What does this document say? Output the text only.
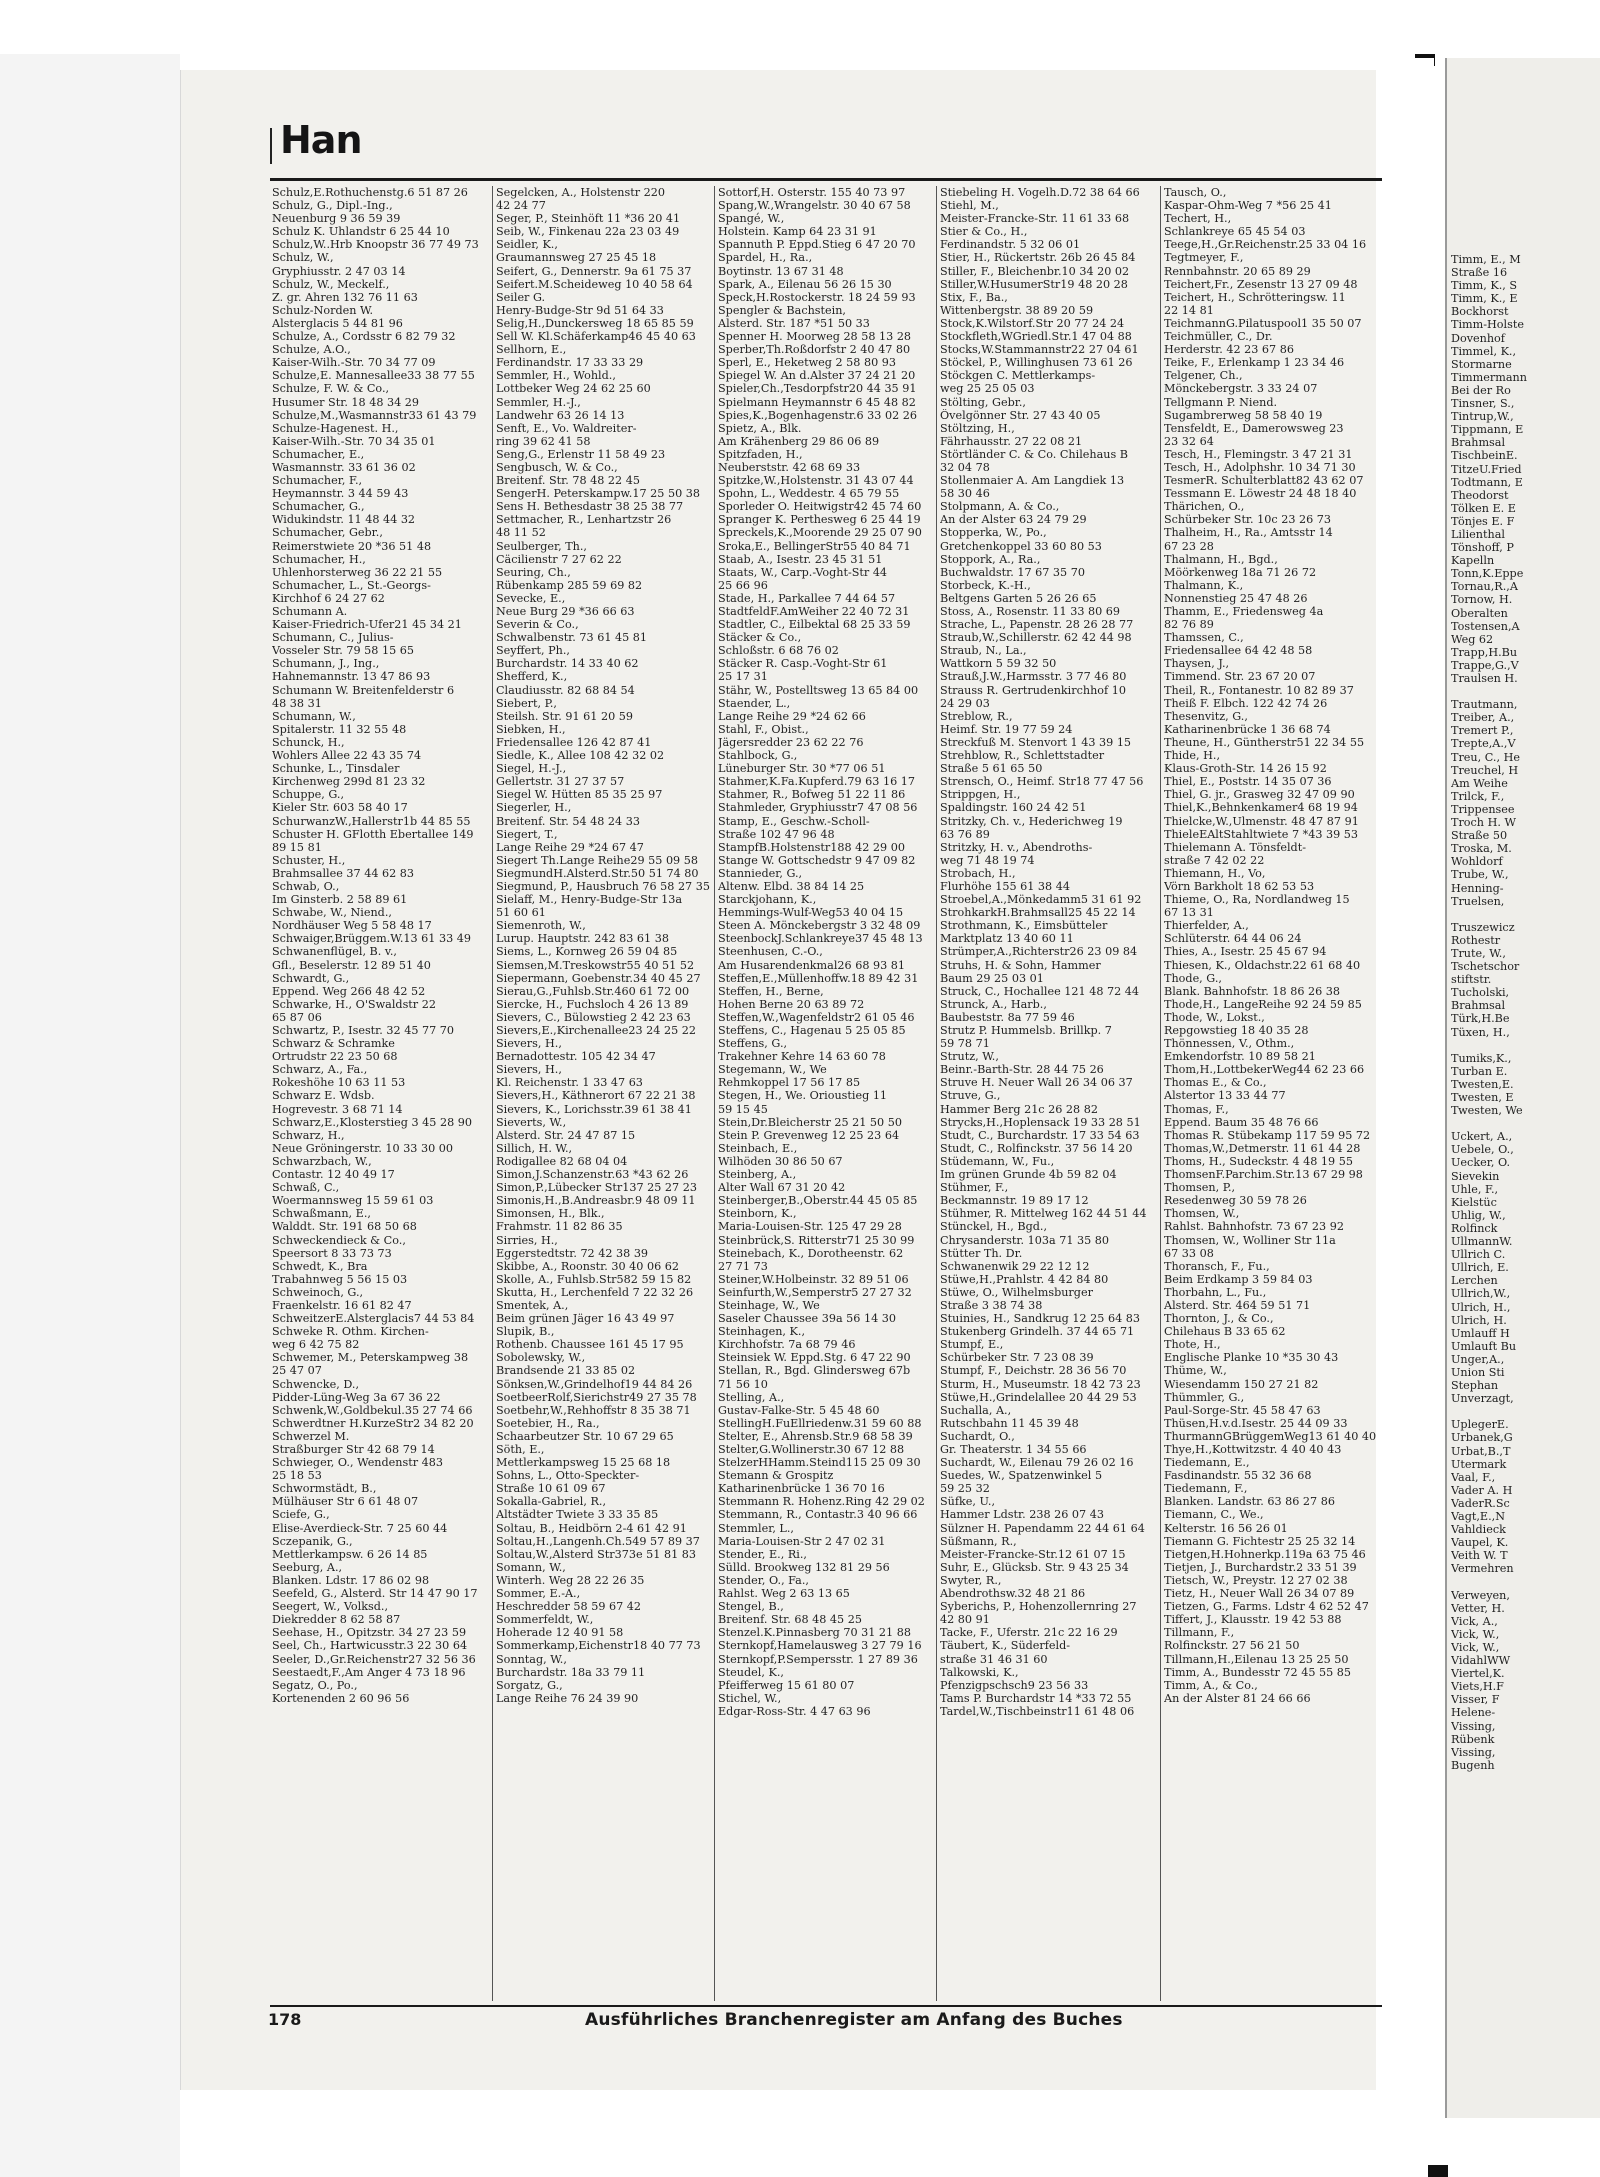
Timm, E., M
Straße 16
Timm, K., S
Timm, K., E
Bockhorst
Timm-Holste
Dovenhof
Timmel, K.,
Stormarne
Timmermann
Bei der Ro
Tinsner, S.,
Tintrup,W.,
Tippmann, E
Brahmsal
TischbeinE.
TitzeU.Fried
Todtmann, E
Theodorst
Tölken E. E
Tönjes E. F
Lilienthal
Tönshoff, P
Kapelln
Tonn,K.Eppe
Tornau,R.,A
Tornow, H.
Oberalten
Tostensen,A
Weg 62
Trapp,H.Bu
Trappe,G.,V
Traulsen H.

Trautmann,
Treiber, A.,
Tremert P.,
Trepte,A.,V
Treu, C., He
Treuchel, H
Am Weihe
Trilck, F.,
Trippensee
Troch H. W
Straße 50
Troska, M.
Wohldorf
Trube, W.,
Henning-
Truelsen,

Truszewicz
Rothestr
Trute, W.,
Tschetschor
stiftstr.
Tucholski,
Brahmsal
Türk,H.Be
Tüxen, H.,

Tumiks,K.,
Turban E.
Twesten,E.
Twesten, E
Twesten, We

Uckert, A.,
Uebele, O.,
Uecker, O.
Sievekin
Uhle, F.,
Kielstüc
Uhlig, W.,
Rolfinck
UllmannW.
Ullrich C.
Ullrich, E.
Lerchen
Ullrich,W.,
Ulrich, H.,
Ulrich, H.
Umlauff H
Umlauft Bu
Unger,A.,
Union Sti
Stephan
Unverzagt,

UplegerE.
Urbanek,G
Urbat,B.,T
Utermark
Vaal, F.,
Vader A. H
VaderR.Sc
Vagt,E.,N
Vahldieck
Vaupel, K.
Veith W. T
Vermehren

Verweyen,
Vetter, H.
Vick, A.,
Vick, W.,
Vick, W.,
VidahlWW
Viertel,K.
Viets,H.F
Visser, F
Helene-
Vissing,
Rübenk
Vissing,
Bugenh
Han
Schulz,E.Rothuchenstg.6 51 87 26
Schulz, G., Dipl.-Ing.,
Neuenburg 9 36 59 39
Schulz K. Uhlandstr 6 25 44 10
Schulz,W..Hrb Knoopstr 36 77 49 73
Schulz, W.,
Gryphiusstr. 2 47 03 14
Schulz, W., Meckelf.,
Z. gr. Ahren 132 76 11 63
Schulz-Norden W.
Alsterglacis 5 44 81 96
Schulze, A., Cordsstr 6 82 79 32
Schulze, A.O.,
Kaiser-Wilh.-Str. 70 34 77 09
Schulze,E. Mannesallee33 38 77 55
Schulze, F. W. & Co.,
Husumer Str. 18 48 34 29
Schulze,M.,Wasmannstr33 61 43 79
Schulze-Hagenest. H.,
Kaiser-Wilh.-Str. 70 34 35 01
Schumacher, E.,
Wasmannstr. 33 61 36 02
Schumacher, F.,
Heymannstr. 3 44 59 43
Schumacher, G.,
Widukindstr. 11 48 44 32
Schumacher, Gebr.,
Reimerstwiete 20 *36 51 48
Schumacher, H.,
Uhlenhorsterweg 36 22 21 55
Schumacher, L., St.-Georgs-
Kirchhof 6 24 27 62
Schumann A.
Kaiser-Friedrich-Ufer21 45 34 21
Schumann, C., Julius-
Vosseler Str. 79 58 15 65
Schumann, J., Ing.,
Hahnemannstr. 13 47 86 93
Schumann W. Breitenfelderstr 6
48 38 31
Schumann, W.,
Spitalerstr. 11 32 55 48
Schunck, H.,
Wohlers Allee 22 43 35 74
Schunke, L., Tinsdaler
Kirchenweg 299d 81 23 32
Schuppe, G.,
Kieler Str. 603 58 40 17
SchurwanzW.,Hallerstr1b 44 85 55
Schuster H. GFlotth Ebertallee 149
89 15 81
Schuster, H.,
Brahmsallee 37 44 62 83
Schwab, O.,
Im Ginsterb. 2 58 89 61
Schwabe, W., Niend.,
Nordhäuser Weg 5 58 48 17
Schwaiger,Brüggem.W.13 61 33 49
Schwanenflügel, B. v.,
Gfl., Beselerstr. 12 89 51 40
Schwardt, G.,
Eppend. Weg 266 48 42 52
Schwarke, H., O'Swaldstr 22
65 87 06
Schwartz, P., Isestr. 32 45 77 70
Schwarz & Schramke
Ortrudstr 22 23 50 68
Schwarz, A., Fa.,
Rokeshöhe 10 63 11 53
Schwarz E. Wdsb.
Hogrevestr. 3 68 71 14
Schwarz,E.,Klosterstieg 3 45 28 90
Schwarz, H.,
Neue Gröningerstr. 10 33 30 00
Schwarzbach, W.,
Contastr. 12 40 49 17
Schwaß, C.,
Woermannsweg 15 59 61 03
Schwaßmann, E.,
Walddt. Str. 191 68 50 68
Schweckendieck & Co.,
Speersort 8 33 73 73
Schwedt, K., Bra
Trabahnweg 5 56 15 03
Schweinoch, G.,
Fraenkelstr. 16 61 82 47
SchweitzerE.Alsterglacis7 44 53 84
Schweke R. Othm. Kirchen-
weg 6 42 75 82
Schwemer, M., Peterskampweg 38
25 47 07
Schwencke, D.,
Pidder-Lüng-Weg 3a 67 36 22
Schwenk,W.,Goldbekul.35 27 74 66
Schwerdtner H.KurzeStr2 34 82 20
Schwerzel M.
Straßburger Str 42 68 79 14
Schwieger, O., Wendenstr 483
25 18 53
Schwormstädt, B.,
Mülhäuser Str 6 61 48 07
Sciefe, G.,
Elise-Averdieck-Str. 7 25 60 44
Sczepanik, G.,
Mettlerkampsw. 6 26 14 85
Seeburg, A.,
Blanken. Ldstr. 17 86 02 98
Seefeld, G., Alsterd. Str 14 47 90 17
Seegert, W., Volksd.,
Diekredder 8 62 58 87
Seehase, H., Opitzstr. 34 27 23 59
Seel, Ch., Hartwicusstr.3 22 30 64
Seeler, D.,Gr.Reichenstr27 32 56 36
Seestaedt,F.,Am Anger 4 73 18 96
Segatz, O., Po.,
Kortenenden 2 60 96 56
Segelcken, A., Holstenstr 220
42 24 77
Seger, P., Steinhöft 11 *36 20 41
Seib, W., Finkenau 22a 23 03 49
Seidler, K.,
Graumannsweg 27 25 45 18
Seifert, G., Dennerstr. 9a 61 75 37
Seifert.M.Scheideweg 10 40 58 64
Seiler G.
Henry-Budge-Str 9d 51 64 33
Selig,H.,Dunckersweg 18 65 85 59
Sell W. Kl.Schäferkamp46 45 40 63
Sellhorn, E.,
Ferdinandstr. 17 33 33 29
Semmler, H., Wohld.,
Lottbeker Weg 24 62 25 60
Semmler, H.-J.,
Landwehr 63 26 14 13
Senft, E., Vo. Waldreiter-
ring 39 62 41 58
Seng,G., Erlenstr 11 58 49 23
Sengbusch, W. & Co.,
Breitenf. Str. 78 48 22 45
SengerH. Peterskampw.17 25 50 38
Sens H. Bethesdastr 38 25 38 77
Settmacher, R., Lenhartzstr 26
48 11 52
Seulberger, Th.,
Cäcilienstr 7 27 62 22
Seuring, Ch.,
Rübenkamp 285 59 69 82
Sevecke, E.,
Neue Burg 29 *36 66 63
Severin & Co.,
Schwalbenstr. 73 61 45 81
Seyffert, Ph.,
Burchardstr. 14 33 40 62
Shefferd, K.,
Claudiusstr. 82 68 84 54
Siebert, P.,
Steilsh. Str. 91 61 20 59
Siebken, H.,
Friedensallee 126 42 87 41
Siedle, K., Allee 108 42 32 02
Siegel, H.-J.,
Gellertstr. 31 27 37 57
Siegel W. Hütten 85 35 25 97
Siegerler, H.,
Breitenf. Str. 54 48 24 33
Siegert, T.,
Lange Reihe 29 *24 67 47
Siegert Th.Lange Reihe29 55 09 58
SiegmundH.Alsterd.Str.50 51 74 80
Siegmund, P., Hausbruch 76 58 27 35
Sielaff, M., Henry-Budge-Str 13a
51 60 61
Siemenroth, W.,
Lurup. Hauptstr. 242 83 61 38
Siems, L., Kornweg 26 59 04 85
Siemsen,M.Treskowstr55 40 51 52
Siepermann, Goebenstr.34 40 45 27
Sierau,G.,Fuhlsb.Str.460 61 72 00
Siercke, H., Fuchsloch 4 26 13 89
Sievers, C., Bülowstieg 2 42 23 63
Sievers,E.,Kirchenallee23 24 25 22
Sievers, H.,
Bernadottestr. 105 42 34 47
Sievers, H.,
Kl. Reichenstr. 1 33 47 63
Sievers,H., Käthnerort 67 22 21 38
Sievers, K., Lorichsstr.39 61 38 41
Sieverts, W.,
Alsterd. Str. 24 47 87 15
Sillich, H. W.,
Rodigallee 82 68 04 04
Simon,J.Schanzenstr.63 *43 62 26
Simon,P.,Lübecker Str137 25 27 23
Simonis,H.,B.Andreasbr.9 48 09 11
Simonsen, H., Blk.,
Frahmstr. 11 82 86 35
Sirries, H.,
Eggerstedtstr. 72 42 38 39
Skibbe, A., Roonstr. 30 40 06 62
Skolle, A., Fuhlsb.Str582 59 15 82
Skutta, H., Lerchenfeld 7 22 32 26
Smentek, A.,
Beim grünen Jäger 16 43 49 97
Slupik, B.,
Rothenb. Chaussee 161 45 17 95
Sobolewsky, W.,
Brandsende 21 33 85 02
Sönksen,W.,Grindelhof19 44 84 26
SoetbeerRolf,Sierichstr49 27 35 78
Soetbehr,W.,Rehhoffstr 8 35 38 71
Soetebier, H., Ra.,
Schaarbeutzer Str. 10 67 29 65
Söth, E.,
Mettlerkampsweg 15 25 68 18
Sohns, L., Otto-Speckter-
Straße 10 61 09 67
Sokalla-Gabriel, R.,
Altstädter Twiete 3 33 35 85
Soltau, B., Heidbörn 2-4 61 42 91
Soltau,H.,Langenh.Ch.549 57 89 37
Soltau,W.,Alsterd Str373e 51 81 83
Somann, W.,
Winterh. Weg 28 22 26 35
Sommer, E.-A.,
Heschredder 58 59 67 42
Sommerfeldt, W.,
Hoherade 12 40 91 58
Sommerkamp,Eichenstr18 40 77 73
Sonntag, W.,
Burchardstr. 18a 33 79 11
Sorgatz, G.,
Lange Reihe 76 24 39 90
Sottorf,H. Osterstr. 155 40 73 97
Spang,W.,Wrangelstr. 30 40 67 58
Spangé, W.,
Holstein. Kamp 64 23 31 91
Spannuth P. Eppd.Stieg 6 47 20 70
Spardel, H., Ra.,
Boytinstr. 13 67 31 48
Spark, A., Eilenau 56 26 15 30
Speck,H.Rostockerstr. 18 24 59 93
Spengler & Bachstein,
Alsterd. Str. 187 *51 50 33
Spenner H. Moorweg 28 58 13 28
Sperber,Th.Roßdorfstr 2 40 47 80
Sperl, E., Heketweg 2 58 80 93
Spiegel W. An d.Alster 37 24 21 20
Spieler,Ch.,Tesdorpfstr20 44 35 91
Spielmann Heymannstr 6 45 48 82
Spies,K.,Bogenhagenstr.6 33 02 26
Spietz, A., Blk.
Am Krähenberg 29 86 06 89
Spitzfaden, H.,
Neuberststr. 42 68 69 33
Spitzke,W.,Holstenstr. 31 43 07 44
Spohn, L., Weddestr. 4 65 79 55
Sporleder O. Heitwigstr42 45 74 60
Spranger K. Perthesweg 6 25 44 19
Spreckels,K.,Moorende 29 25 07 90
Sroka,E., BellingerStr55 40 84 71
Staab, A., Isestr. 23 45 31 51
Staats, W., Carp.-Voght-Str 44
25 66 96
Stade, H., Parkallee 7 44 64 57
StadtfeldF.AmWeiher 22 40 72 31
Stadtler, C., Eilbektal 68 25 33 59
Stäcker & Co.,
Schloßstr. 6 68 76 02
Stäcker R. Casp.-Voght-Str 61
25 17 31
Stähr, W., Postelltsweg 13 65 84 00
Staender, L.,
Lange Reihe 29 *24 62 66
Stahl, F., Obist.,
Jägersredder 23 62 22 76
Stahlbock, G.,
Lüneburger Str. 30 *77 06 51
Stahmer,K.Fa.Kupferd.79 63 16 17
Stahmer, R., Bofweg 51 22 11 86
Stahmleder, Gryphiusstr7 47 08 56
Stamp, E., Geschw.-Scholl-
Straße 102 47 96 48
StampfB.Holstenstr188 42 29 00
Stange W. Gottschedstr 9 47 09 82
Stannieder, G.,
Altenw. Elbd. 38 84 14 25
Starckjohann, K.,
Hemmings-Wulf-Weg53 40 04 15
Steen A. Mönckebergstr 3 32 48 09
SteenbockJ.Schlankreye37 45 48 13
Steenhusen, C.-O.,
Am Husarendenkmal26 68 93 81
Steffen,E.,Müllenhoffw.18 89 42 31
Steffen, H., Berne,
Hohen Berne 20 63 89 72
Steffen,W.,Wagenfeldstr2 61 05 46
Steffens, C., Hagenau 5 25 05 85
Steffens, G.,
Trakehner Kehre 14 63 60 78
Stegemann, W., We
Rehmkoppel 17 56 17 85
Stegen, H., We. Orioustieg 11
59 15 45
Stein,Dr.Bleicherstr 25 21 50 50
Stein P. Grevenweg 12 25 23 64
Steinbach, E.,
Wilhöden 30 86 50 67
Steinberg, A.,
Alter Wall 67 31 20 42
Steinberger,B.,Oberstr.44 45 05 85
Steinborn, K.,
Maria-Louisen-Str. 125 47 29 28
Steinbrück,S. Ritterstr71 25 30 99
Steinebach, K., Dorotheenstr. 62
27 71 73
Steiner,W.Holbeinstr. 32 89 51 06
Seinfurth,W.,Semperstr5 27 27 32
Steinhage, W., We
Saseler Chaussee 39a 56 14 30
Steinhagen, K.,
Kirchhofstr. 7a 68 79 46
Steinsiek W. Eppd.Stg. 6 47 22 90
Stellan, R., Bgd. Glindersweg 67b
71 56 10
Stelling, A.,
Gustav-Falke-Str. 5 45 48 60
StellingH.FuEllriedenw.31 59 60 88
Stelter, E., Ahrensb.Str.9 68 58 39
Stelter,G.Wollinerstr.30 67 12 88
StelzerHHamm.Steind115 25 09 30
Stemann & Grospitz
Katharinenbrücke 1 36 70 16
Stemmann R. Hohenz.Ring 42 29 02
Stemmann, R., Contastr.3 40 96 66
Stemmler, L.,
Maria-Louisen-Str 2 47 02 31
Stender, E., Ri.,
Sülld. Brookweg 132 81 29 56
Stender, O., Fa.,
Rahlst. Weg 2 63 13 65
Stengel, B.,
Breitenf. Str. 68 48 45 25
Stenzel.K.Pinnasberg 70 31 21 88
Sternkopf,Hamelausweg 3 27 79 16
Sternkopf,P.Sempersstr. 1 27 89 36
Steudel, K.,
Pfeifferweg 15 61 80 07
Stichel, W.,
Edgar-Ross-Str. 4 47 63 96
Stiebeling H. Vogelh.D.72 38 64 66
Stiehl, M.,
Meister-Francke-Str. 11 61 33 68
Stier & Co., H.,
Ferdinandstr. 5 32 06 01
Stier, H., Rückertstr. 26b 26 45 84
Stiller, F., Bleichenbr.10 34 20 02
Stiller,W.HusumerStr19 48 20 28
Stix, F., Ba.,
Wittenbergstr. 38 89 20 59
Stock,K.Wilstorf.Str 20 77 24 24
Stockfleth,WGriedl.Str.1 47 04 88
Stocks,W.Stammannstr22 27 04 61
Stöckel, P., Willinghusen 73 61 26
Stöckgen C. Mettlerkamps-
weg 25 25 05 03
Stölting, Gebr.,
Övelgönner Str. 27 43 40 05
Stöltzing, H.,
Fährhausstr. 27 22 08 21
Störtländer C. & Co. Chilehaus B
32 04 78
Stollenmaier A. Am Langdiek 13
58 30 46
Stolpmann, A. & Co.,
An der Alster 63 24 79 29
Stopperka, W., Po.,
Gretchenkoppel 33 60 80 53
Stoppork, A., Ra.,
Buchwaldstr. 17 67 35 70
Storbeck, K.-H.,
Beltgens Garten 5 26 26 65
Stoss, A., Rosenstr. 11 33 80 69
Strache, L., Papenstr. 28 26 28 77
Straub,W.,Schillerstr. 62 42 44 98
Straub, N., La.,
Wattkorn 5 59 32 50
Strauß,J.W.,Harmsstr. 3 77 46 80
Strauss R. Gertrudenkirchhof 10
24 29 03
Streblow, R.,
Heimf. Str. 19 77 59 24
Streckfuß M. Stenvort 1 43 39 15
Strehblow, R., Schlettstadter
Straße 5 61 65 50
Strensch, O., Heimf. Str18 77 47 56
Strippgen, H.,
Spaldingstr. 160 24 42 51
Stritzky, Ch. v., Hederichweg 19
63 76 89
Stritzky, H. v., Abendroths-
weg 71 48 19 74
Strobach, H.,
Flurhöhe 155 61 38 44
Stroebel,A.,Mönkedamm5 31 61 92
StrohkarkH.Brahmsall25 45 22 14
Strothmann, K., Eimsbütteler
Marktplatz 13 40 60 11
Strümper,A.,Richterstr26 23 09 84
Struhs, H. & Sohn, Hammer
Baum 29 25 03 01
Struck, C., Hochallee 121 48 72 44
Strunck, A., Harb.,
Baubeststr. 8a 77 59 46
Strutz P. Hummelsb. Brillkp. 7
59 78 71
Strutz, W.,
Beinr.-Barth-Str. 28 44 75 26
Struve H. Neuer Wall 26 34 06 37
Struve, G.,
Hammer Berg 21c 26 28 82
Strycks,H.,Hoplensack 19 33 28 51
Studt, C., Burchardstr. 17 33 54 63
Studt, C., Rolfinckstr. 37 56 14 20
Stüdemann, W., Fu.,
Im grünen Grunde 4b 59 82 04
Stühmer, F.,
Beckmannstr. 19 89 17 12
Stühmer, R. Mittelweg 162 44 51 44
Stünckel, H., Bgd.,
Chrysanderstr. 103a 71 35 80
Stütter Th. Dr.
Schwanenwik 29 22 12 12
Stüwe,H.,Prahlstr. 4 42 84 80
Stüwe, O., Wilhelmsburger
Straße 3 38 74 38
Stuinies, H., Sandkrug 12 25 64 83
Stukenberg Grindelh. 37 44 65 71
Stumpf, E.,
Schürbeker Str. 7 23 08 39
Stumpf, F., Deichstr. 28 36 56 70
Sturm, H., Museumstr. 18 42 73 23
Stüwe,H.,Grindelallee 20 44 29 53
Suchalla, A.,
Rutschbahn 11 45 39 48
Suchardt, O.,
Gr. Theaterstr. 1 34 55 66
Suchardt, W., Eilenau 79 26 02 16
Suedes, W., Spatzenwinkel 5
59 25 32
Süfke, U.,
Hammer Ldstr. 238 26 07 43
Sülzner H. Papendamm 22 44 61 64
Süßmann, R.,
Meister-Francke-Str.12 61 07 15
Suhr, E., Glücksb. Str. 9 43 25 34
Swyter, R.,
Abendrothsw.32 48 21 86
Syberichs, P., Hohenzollernring 27
42 80 91
Tacke, F., Uferstr. 21c 22 16 29
Täubert, K., Süderfeld-
straße 31 46 31 60
Talkowski, K.,
Pfenzigpschsch9 23 56 33
Tams P. Burchardstr 14 *33 72 55
Tardel,W.,Tischbeinstr11 61 48 06
Tausch, O.,
Kaspar-Ohm-Weg 7 *56 25 41
Techert, H.,
Schlankreye 65 45 54 03
Teege,H.,Gr.Reichenstr.25 33 04 16
Tegtmeyer, F.,
Rennbahnstr. 20 65 89 29
Teichert,Fr., Zesenstr 13 27 09 48
Teichert, H., Schrötteringsw. 11
22 14 81
TeichmannG.Pilatuspool1 35 50 07
Teichmüller, C., Dr.
Herderstr. 42 23 67 86
Teike, F., Erlenkamp 1 23 34 46
Telgener, Ch.,
Mönckebergstr. 3 33 24 07
Tellgmann P. Niend.
Sugambrerweg 58 58 40 19
Tensfeldt, E., Damerowsweg 23
23 32 64
Tesch, H., Flemingstr. 3 47 21 31
Tesch, H., Adolphshr. 10 34 71 30
TesmerR. Schulterblatt82 43 62 07
Tessmann E. Löwestr 24 48 18 40
Thärichen, O.,
Schürbeker Str. 10c 23 26 73
Thalheim, H., Ra., Amtsstr 14
67 23 28
Thalmann, H., Bgd.,
Möörkenweg 18a 71 26 72
Thalmann, K.,
Nonnenstieg 25 47 48 26
Thamm, E., Friedensweg 4a
82 76 89
Thamssen, C.,
Friedensallee 64 42 48 58
Thaysen, J.,
Timmend. Str. 23 67 20 07
Theil, R., Fontanestr. 10 82 89 37
Theiß F. Elbch. 122 42 74 26
Thesenvitz, G.,
Katharinenbrücke 1 36 68 74
Theune, H., Güntherstr51 22 34 55
Thide, H.,
Klaus-Groth-Str. 14 26 15 92
Thiel, E., Poststr. 14 35 07 36
Thiel, G. jr., Grasweg 32 47 09 90
Thiel,K.,Behnkenkamer4 68 19 94
Thielcke,W.,Ulmenstr. 48 47 87 91
ThieleEAltStahltwiete 7 *43 39 53
Thielemann A. Tönsfeldt-
straße 7 42 02 22
Thiemann, H., Vo,
Vörn Barkholt 18 62 53 53
Thieme, O., Ra, Nordlandweg 15
67 13 31
Thierfelder, A.,
Schlüterstr. 64 44 06 24
Thies, A., Isestr. 25 45 67 94
Thiesen, K., Oldachstr.22 61 68 40
Thode, G.,
Blank. Bahnhofstr. 18 86 26 38
Thode,H., LangeReihe 92 24 59 85
Thode, W., Lokst.,
Repgowstieg 18 40 35 28
Thönnessen, V., Othm.,
Emkendorfstr. 10 89 58 21
Thom,H.,LottbekerWeg44 62 23 66
Thomas E., & Co.,
Alstertor 13 33 44 77
Thomas, F.,
Eppend. Baum 35 48 76 66
Thomas R. Stübekamp 117 59 95 72
Thomas,W.,Detmerstr. 11 61 44 28
Thoms, H., Sudeckstr. 4 48 19 55
ThomsenF.Parchim.Str.13 67 29 98
Thomsen, P.,
Resedenweg 30 59 78 26
Thomsen, W.,
Rahlst. Bahnhofstr. 73 67 23 92
Thomsen, W., Wolliner Str 11a
67 33 08
Thoransch, F., Fu.,
Beim Erdkamp 3 59 84 03
Thorbahn, L., Fu.,
Alsterd. Str. 464 59 51 71
Thornton, J., & Co.,
Chilehaus B 33 65 62
Thote, H.,
Englische Planke 10 *35 30 43
Thüme, W.,
Wiesendamm 150 27 21 82
Thümmler, G.,
Paul-Sorge-Str. 45 58 47 63
Thüsen,H.v.d.Isestr. 25 44 09 33
ThurmannGBrüggemWeg13 61 40 40
Thye,H.,Kottwitzstr. 4 40 40 43
Tiedemann, E.,
Fasdinandstr. 55 32 36 68
Tiedemann, F.,
Blanken. Landstr. 63 86 27 86
Tiemann, C., We.,
Kelterstr. 16 56 26 01
Tiemann G. Fichtestr 25 25 32 14
Tietgen,H.Hohnerkp.119a 63 75 46
Tietjen, J., Burchardstr.2 33 51 39
Tietsch, W., Preystr. 12 27 02 38
Tietz, H., Neuer Wall 26 34 07 89
Tietzen, G., Farms. Ldstr 4 62 52 47
Tiffert, J., Klausstr. 19 42 53 88
Tillmann, F.,
Rolfinckstr. 27 56 21 50
Tillmann,H.,Eilenau 13 25 25 50
Timm, A., Bundesstr 72 45 55 85
Timm, A., & Co.,
An der Alster 81 24 66 66
178	Ausführliches Branchenregister am Anfang des Buches
